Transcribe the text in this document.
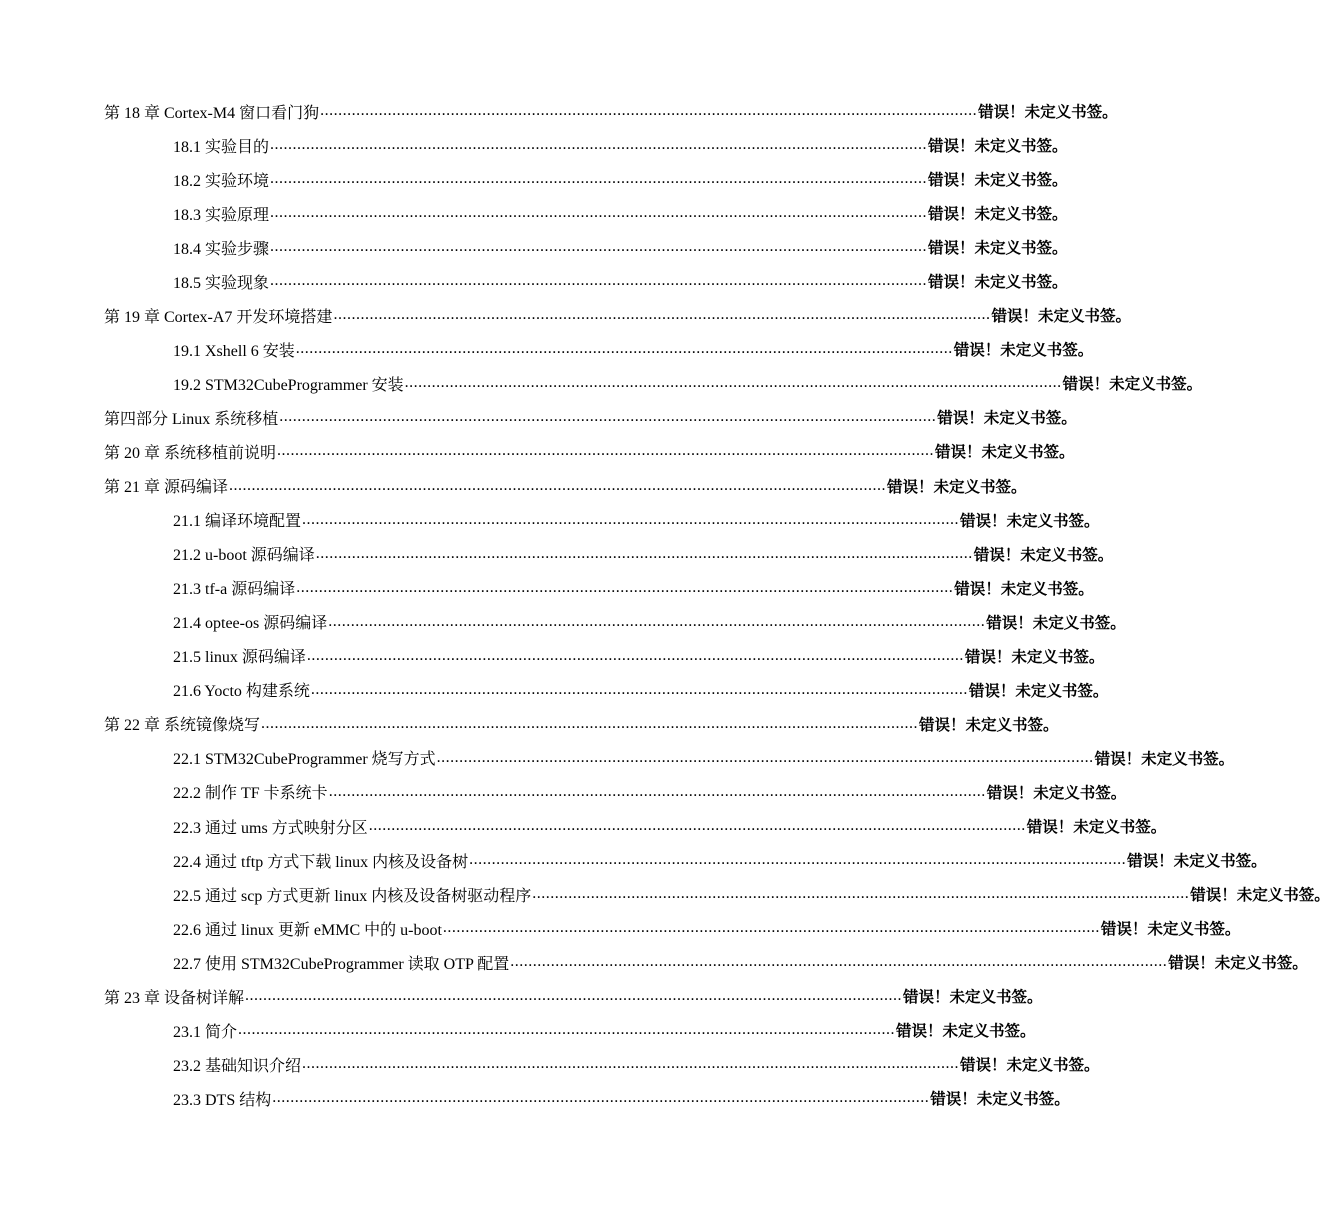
第 18 章 Cortex-M4 窗口看门狗 .................................................................................................................................................. 错误！未定义书签。
18.1 实验目的 .................................................................................................................................................. 错误！未定义书签。
18.2 实验环境 .................................................................................................................................................. 错误！未定义书签。
18.3 实验原理 .................................................................................................................................................. 错误！未定义书签。
18.4 实验步骤 .................................................................................................................................................. 错误！未定义书签。
18.5 实验现象 .................................................................................................................................................. 错误！未定义书签。
第 19 章 Cortex-A7 开发环境搭建 .................................................................................................................................................. 错误！未定义书签。
19.1 Xshell 6 安装 .................................................................................................................................................. 错误！未定义书签。
19.2 STM32CubeProgrammer 安装 .................................................................................................................................................. 错误！未定义书签。
第四部分 Linux 系统移植 .................................................................................................................................................. 错误！未定义书签。
第 20 章 系统移植前说明 .................................................................................................................................................. 错误！未定义书签。
第 21 章 源码编译 .................................................................................................................................................. 错误！未定义书签。
21.1 编译环境配置 .................................................................................................................................................. 错误！未定义书签。
21.2 u-boot 源码编译 .................................................................................................................................................. 错误！未定义书签。
21.3 tf-a 源码编译 .................................................................................................................................................. 错误！未定义书签。
21.4 optee-os 源码编译 .................................................................................................................................................. 错误！未定义书签。
21.5 linux 源码编译 .................................................................................................................................................. 错误！未定义书签。
21.6 Yocto 构建系统 .................................................................................................................................................. 错误！未定义书签。
第 22 章 系统镜像烧写 .................................................................................................................................................. 错误！未定义书签。
22.1 STM32CubeProgrammer 烧写方式 .................................................................................................................................................. 错误！未定义书签。
22.2 制作 TF 卡系统卡 .................................................................................................................................................. 错误！未定义书签。
22.3 通过 ums 方式映射分区 .................................................................................................................................................. 错误！未定义书签。
22.4 通过 tftp 方式下载 linux 内核及设备树 .................................................................................................................................................. 错误！未定义书签。
22.5 通过 scp 方式更新 linux 内核及设备树驱动程序 .................................................................................................................................................. 错误！未定义书签。
22.6 通过 linux 更新 eMMC 中的 u-boot .................................................................................................................................................. 错误！未定义书签。
22.7 使用 STM32CubeProgrammer 读取 OTP 配置 .................................................................................................................................................. 错误！未定义书签。
第 23 章 设备树详解 .................................................................................................................................................. 错误！未定义书签。
23.1 简介 .................................................................................................................................................. 错误！未定义书签。
23.2 基础知识介绍 .................................................................................................................................................. 错误！未定义书签。
23.3 DTS 结构 .................................................................................................................................................. 错误！未定义书签。
